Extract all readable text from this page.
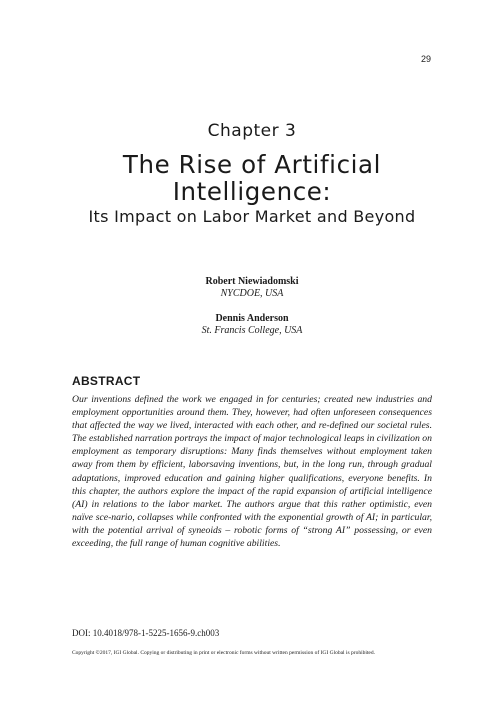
29
Chapter 3
The Rise of Artificial Intelligence:
Its Impact on Labor Market and Beyond
Robert Niewiadomski
NYCDOE, USA
Dennis Anderson
St. Francis College, USA
ABSTRACT

Our inventions defined the work we engaged in for centuries; created new industries and employment opportunities around them. They, however, had often unforeseen consequences that affected the way we lived, interacted with each other, and re-defined our societal rules. The established narration portrays the impact of major technological leaps in civilization on employment as temporary disruptions: Many finds themselves without employment taken away from them by efficient, laborsaving inventions, but, in the long run, through gradual adaptations, improved education and gaining higher qualifications, everyone benefits. In this chapter, the authors explore the impact of the rapid expansion of artificial intelligence (AI) in relations to the labor market. The authors argue that this rather optimistic, even naïve sce-nario, collapses while confronted with the exponential growth of AI; in particular, with the potential arrival of syneoids – robotic forms of “strong AI” possessing, or even exceeding, the full range of human cognitive abilities.

DOI: 10.4018/978-1-5225-1656-9.ch003
Copyright ©2017, IGI Global. Copying or distributing in print or electronic forms without written permission of IGI Global is prohibited.
